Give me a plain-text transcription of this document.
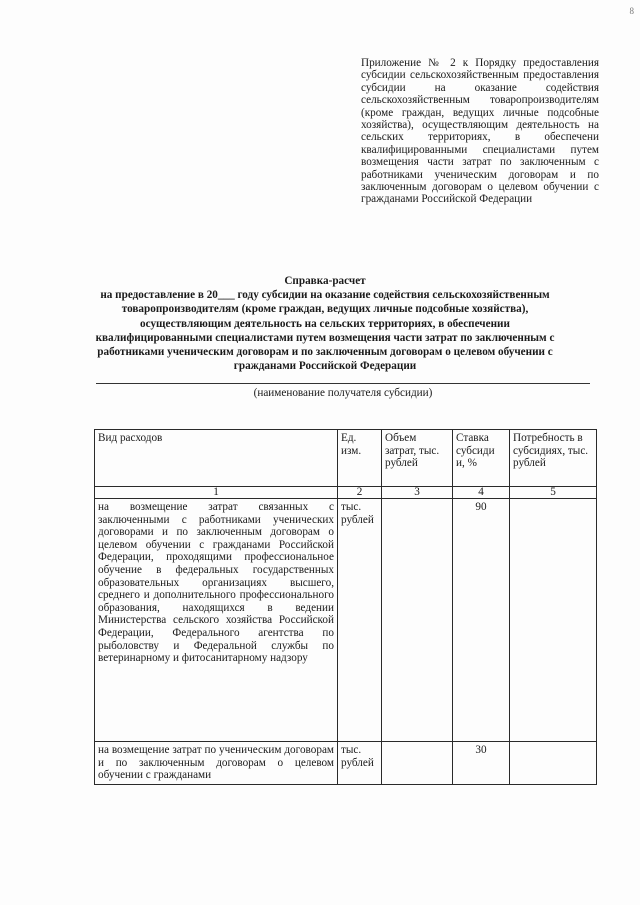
8
Приложение № 2 к Порядку предоставления субсидии сельскохозяйственным предоставления субсидии на оказание содействия сельскохозяйственным товаропроизводителям (кроме граждан, ведущих личные подсобные хозяйства), осуществляющим деятельность на сельских территориях, в обеспечени квалифицированными специалистами путем возмещения части затрат по заключенным с работниками ученическим договорам и по заключенным договорам о целевом обучении с гражданами Российской Федерации
Справка-расчет
на предоставление в 20___ году субсидии на оказание содействия сельскохозяйственным товаропроизводителям (кроме граждан, ведущих личные подсобные хозяйства), осуществляющим деятельность на сельских территориях, в обеспечении квалифицированными специалистами путем возмещения части затрат по заключенным с работниками ученическим договорам и по заключенным договорам о целевом обучении с гражданами Российской Федерации
(наименование получателя субсидии)
Вид расходов	Ед. изм.	Объем затрат, тыс. рублей	Ставка субсиди и, %	Потребность в субсидиях, тыс. рублей
1	2	3	4	5
на возмещение затрат связанных с заключенными с работниками ученических договорами и по заключенным договорам о целевом обучении с гражданами Российской Федерации, проходящими профессиональное обучение в федеральных государственных образовательных организациях высшего, среднего и дополнительного профессионального образования, находящихся в ведении Министерства сельского хозяйства Российской Федерации, Федерального агентства по рыболовству и Федеральной службы по ветеринарному и фитосанитарному надзору	тыс. рублей		90	
на возмещение затрат по ученическим договорам и по заключенным договорам о целевом обучении с гражданами	тыс. рублей		30	
